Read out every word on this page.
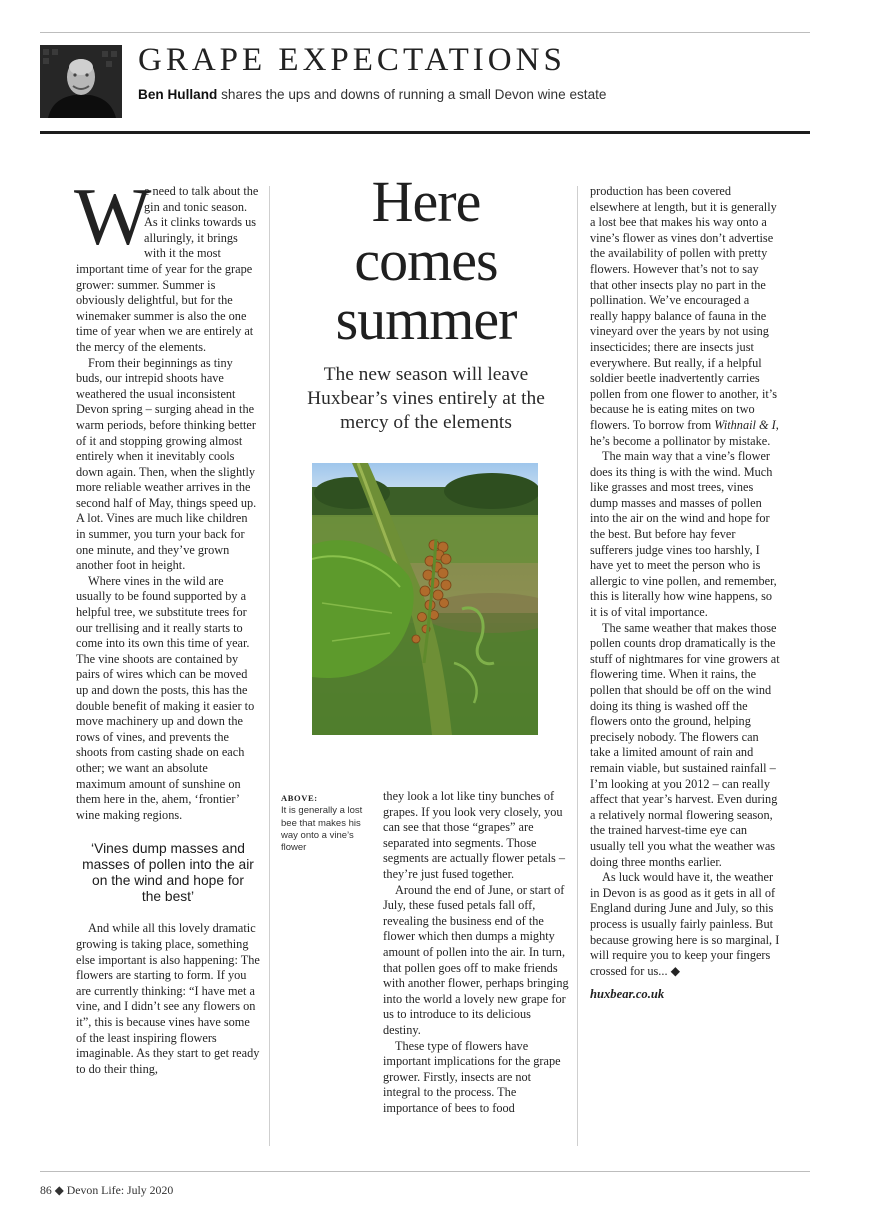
GRAPE EXPECTATIONS
Ben Hulland shares the ups and downs of running a small Devon wine estate

W
e need to talk about the gin and tonic season. As it clinks towards us alluringly, it brings with it the most important time of year for the grape grower: summer. Summer is obviously delightful, but for the winemaker summer is also the one time of year when we are entirely at the mercy of the elements.

From their beginnings as tiny buds, our intrepid shoots have weathered the usual inconsistent Devon spring – surging ahead in the warm periods, before thinking better of it and stopping growing almost entirely when it inevitably cools down again. Then, when the slightly more reliable weather arrives in the second half of May, things speed up. A lot. Vines are much like children in summer, you turn your back for one minute, and they’ve grown another foot in height.

Where vines in the wild are usually to be found supported by a helpful tree, we substitute trees for our trellising and it really starts to come into its own this time of year. The vine shoots are contained by pairs of wires which can be moved up and down the posts, this has the double benefit of making it easier to move machinery up and down the rows of vines, and prevents the shoots from casting shade on each other; we want an absolute maximum amount of sunshine on them here in the, ahem, ‘frontier’ wine making regions.

‘Vines dump masses and masses of pollen into the air on the wind and hope for the best’

And while all this lovely dramatic growing is taking place, something else important is also happening: The flowers are starting to form. If you are currently thinking: “I have met a vine, and I didn’t see any flowers on it”, this is because vines have some of the least inspiring flowers imaginable. As they start to get ready to do their thing,

Here
comes
summer
The new season will leave Huxbear’s vines entirely at the mercy of the elements
ABOVE:
It is generally a lost bee that makes his way onto a vine’s flower

they look a lot like tiny bunches of grapes. If you look very closely, you can see that those “grapes” are separated into segments. Those segments are actually flower petals – they’re just fused together.

Around the end of June, or start of July, these fused petals fall off, revealing the business end of the flower which then dumps a mighty amount of pollen into the air. In turn, that pollen goes off to make friends with another flower, perhaps bringing into the world a lovely new grape for us to introduce to its delicious destiny.

These type of flowers have important implications for the grape grower. Firstly, insects are not integral to the process. The importance of bees to food

production has been covered elsewhere at length, but it is generally a lost bee that makes his way onto a vine’s flower as vines don’t advertise the availability of pollen with pretty flowers. However that’s not to say that other insects play no part in the pollination. We’ve encouraged a really happy balance of fauna in the vineyard over the years by not using insecticides; there are insects just everywhere. But really, if a helpful soldier beetle inadvertently carries pollen from one flower to another, it’s because he is eating mites on two flowers. To borrow from Withnail & I, he’s become a pollinator by mistake.

The main way that a vine’s flower does its thing is with the wind. Much like grasses and most trees, vines dump masses and masses of pollen into the air on the wind and hope for the best. But before hay fever sufferers judge vines too harshly, I have yet to meet the person who is allergic to vine pollen, and remember, this is literally how wine happens, so it is of vital importance.

The same weather that makes those pollen counts drop dramatically is the stuff of nightmares for vine growers at flowering time. When it rains, the pollen that should be off on the wind doing its thing is washed off the flowers onto the ground, helping precisely nobody. The flowers can take a limited amount of rain and remain viable, but sustained rainfall – I’m looking at you 2012 – can really affect that year’s harvest. Even during a relatively normal flowering season, the trained harvest-time eye can usually tell you what the weather was doing three months earlier.

As luck would have it, the weather in Devon is as good as it gets in all of England during June and July, so this process is usually fairly painless. But because growing here is so marginal, I will require you to keep your fingers crossed for us... ◆

huxbear.co.uk

86 ◆ Devon Life: July 2020
